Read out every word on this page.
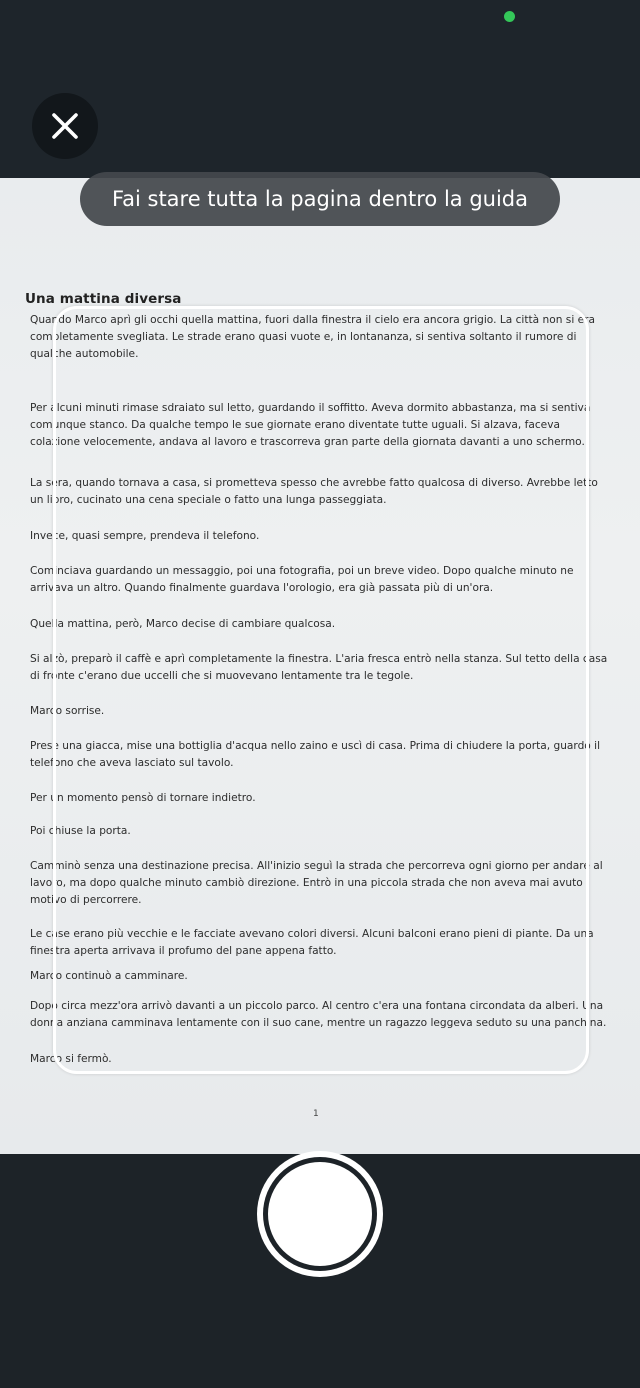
Una mattina diversa

Quando Marco aprì gli occhi quella mattina, fuori dalla finestra il cielo era ancora grigio. La città non si era
completamente svegliata. Le strade erano quasi vuote e, in lontananza, si sentiva soltanto il rumore di
qualche automobile.

Per alcuni minuti rimase sdraiato sul letto, guardando il soffitto. Aveva dormito abbastanza, ma si sentiva
comunque stanco. Da qualche tempo le sue giornate erano diventate tutte uguali. Si alzava, faceva
colazione velocemente, andava al lavoro e trascorreva gran parte della giornata davanti a uno schermo.

La sera, quando tornava a casa, si prometteva spesso che avrebbe fatto qualcosa di diverso. Avrebbe letto
un libro, cucinato una cena speciale o fatto una lunga passeggiata.

Invece, quasi sempre, prendeva il telefono.

Cominciava guardando un messaggio, poi una fotografia, poi un breve video. Dopo qualche minuto ne
arrivava un altro. Quando finalmente guardava l'orologio, era già passata più di un'ora.

Quella mattina, però, Marco decise di cambiare qualcosa.

Si alzò, preparò il caffè e aprì completamente la finestra. L'aria fresca entrò nella stanza. Sul tetto della casa
di fronte c'erano due uccelli che si muovevano lentamente tra le tegole.

Marco sorrise.

Prese una giacca, mise una bottiglia d'acqua nello zaino e uscì di casa. Prima di chiudere la porta, guardò il
telefono che aveva lasciato sul tavolo.

Per un momento pensò di tornare indietro.

Poi chiuse la porta.

Camminò senza una destinazione precisa. All'inizio seguì la strada che percorreva ogni giorno per andare al
lavoro, ma dopo qualche minuto cambiò direzione. Entrò in una piccola strada che non aveva mai avuto
motivo di percorrere.

Le case erano più vecchie e le facciate avevano colori diversi. Alcuni balconi erano pieni di piante. Da una
finestra aperta arrivava il profumo del pane appena fatto.

Marco continuò a camminare.

Dopo circa mezz'ora arrivò davanti a un piccolo parco. Al centro c'era una fontana circondata da alberi. Una
donna anziana camminava lentamente con il suo cane, mentre un ragazzo leggeva seduto su una panchina.

Marco si fermò.

1
Fai stare tutta la pagina dentro la guida
